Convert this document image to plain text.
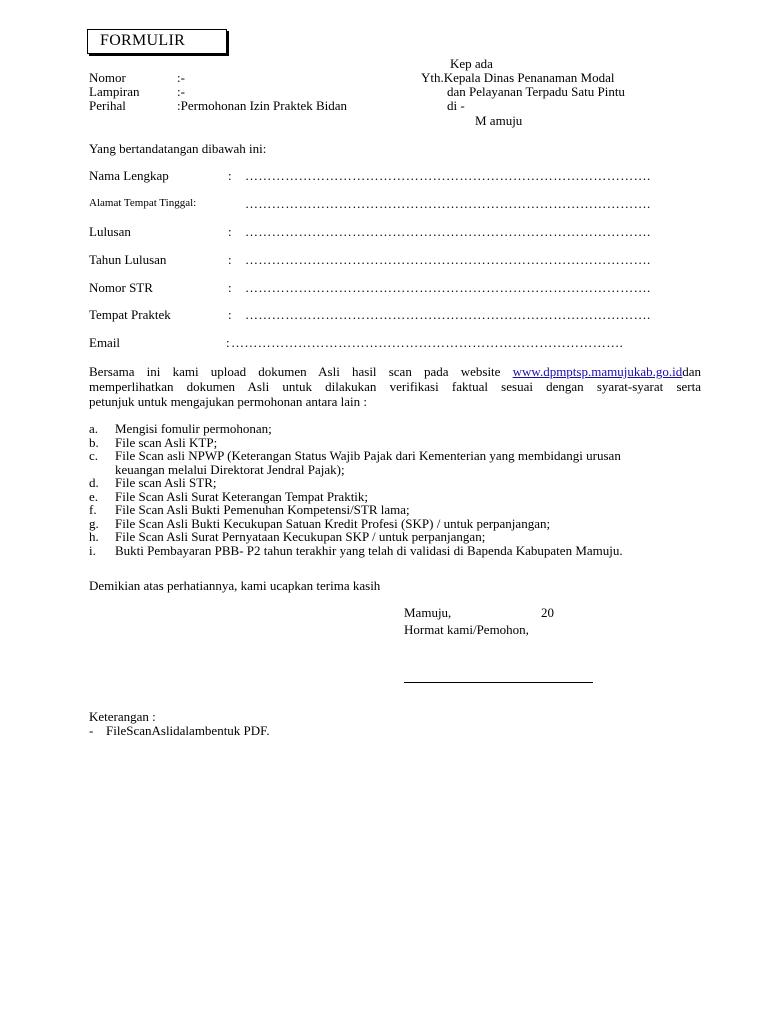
FORMULIR
Kep ada
Yth.Kepala Dinas Penanaman Modal
dan Pelayanan Terpadu Satu Pintu
di -
M amuju
Nomor	:-
Lampiran	:-
Perihal	:Permohonan Izin Praktek Bidan
Yang bertandatangan dibawah ini:
Nama Lengkap	: ……………………………………………………………………………….
Alamat Tempat Tinggal:	……………………………………………………………………………….
Lulusan	: ……………………………………………………………………………….
Tahun Lulusan	: ……………………………………………………………………………….
Nomor STR	: ……………………………………………………………………………….
Tempat Praktek	: ……………………………………………………………………………….
Email	: …………………………………………………………………………….
Bersama ini kami upload dokumen Asli hasil scan pada website www.dpmptsp.mamujukab.go.iddan
memperlihatkan dokumen Asli untuk dilakukan verifikasi faktual sesuai dengan syarat-syarat serta
petunjuk untuk mengajukan permohonan antara lain :
a. Mengisi fomulir permohonan;
b. File scan Asli KTP;
c. File Scan asli NPWP (Keterangan Status Wajib Pajak dari Kementerian yang membidangi urusan
keuangan melalui Direktorat Jendral Pajak);
d. File scan Asli STR;
e. File Scan Asli Surat Keterangan Tempat Praktik;
f. File Scan Asli Bukti Pemenuhan Kompetensi/STR lama;
g. File Scan Asli Bukti Kecukupan Satuan Kredit Profesi (SKP) / untuk perpanjangan;
h. File Scan Asli Surat Pernyataan Kecukupan SKP / untuk perpanjangan;
i. Bukti Pembayaran PBB- P2 tahun terakhir yang telah di validasi di Bapenda Kabupaten Mamuju.
Demikian atas perhatiannya, kami ucapkan terima kasih
Mamuju,	20
Hormat kami/Pemohon,
Keterangan :
- FileScanAslidalambentuk PDF.
